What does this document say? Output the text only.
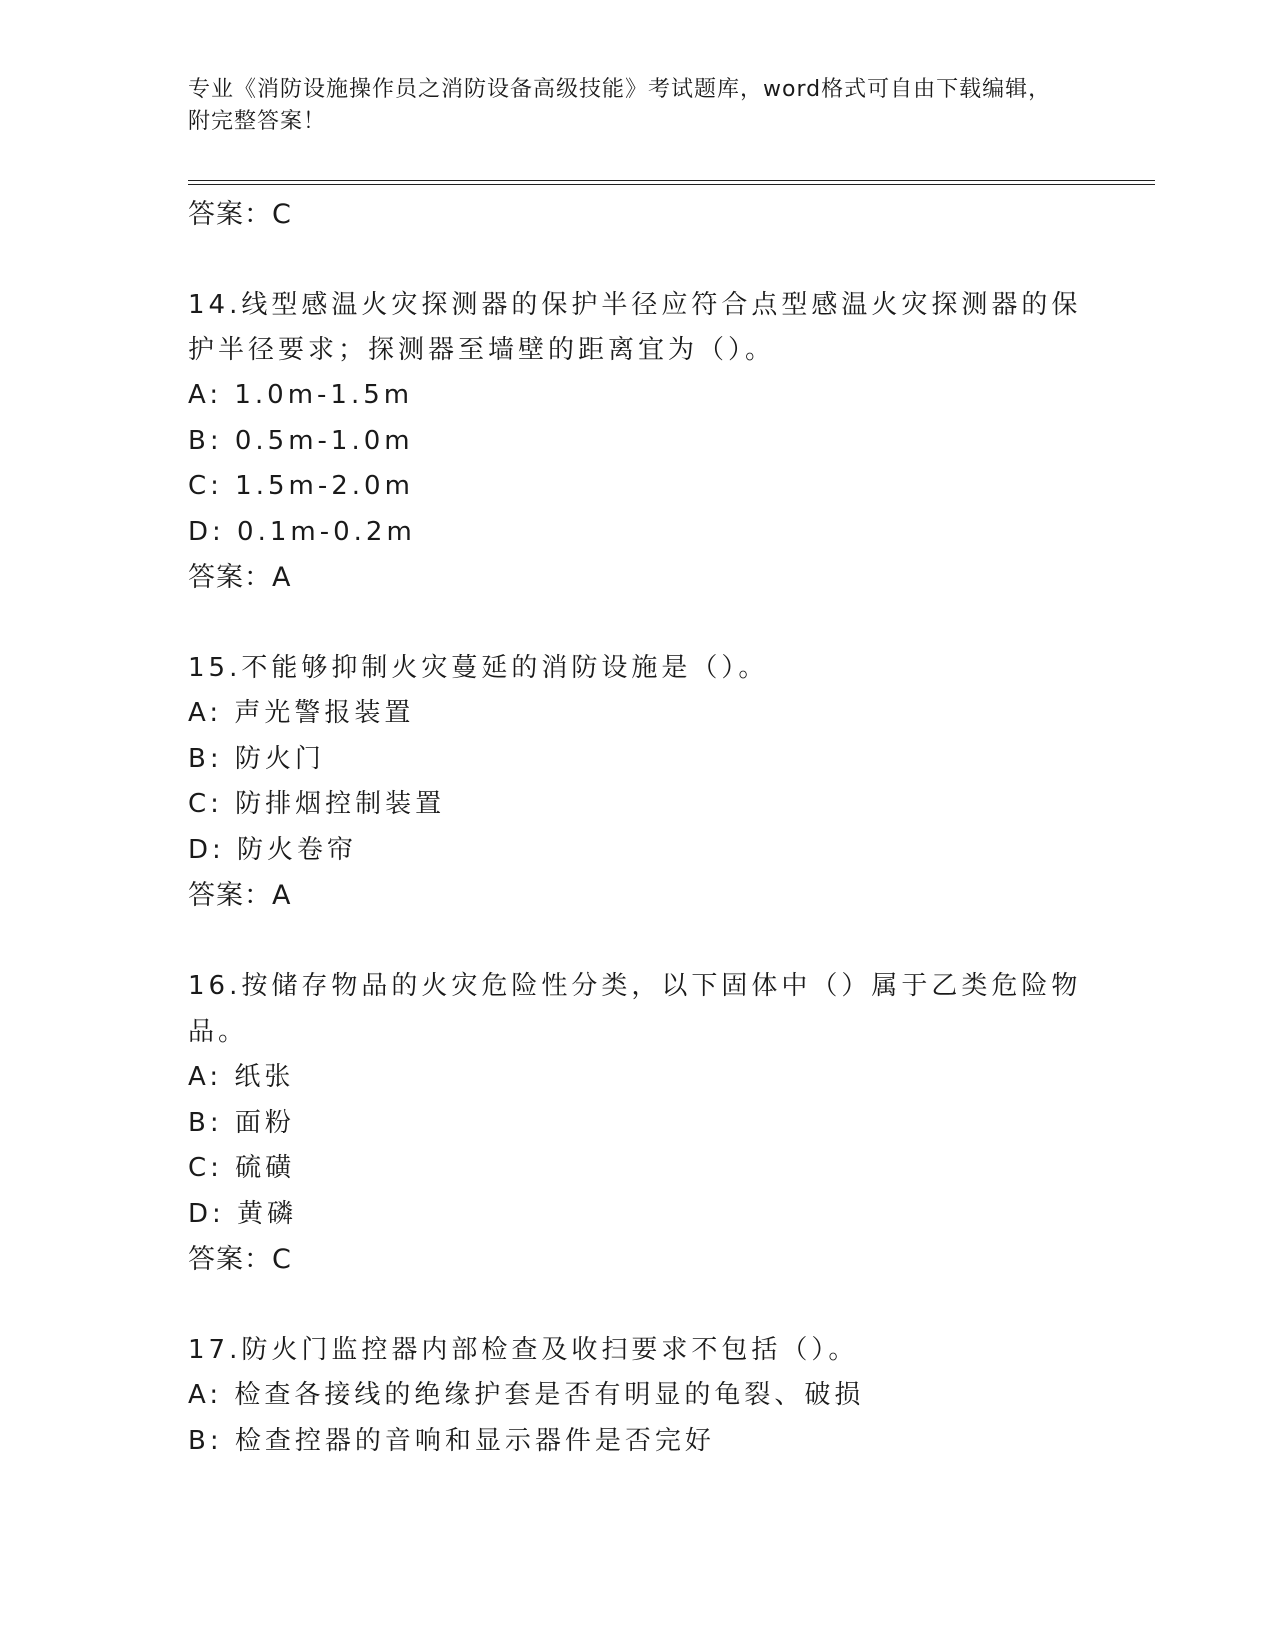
专业《消防设施操作员之消防设备高级技能》考试题库，word格式可自由下载编辑，附完整答案！

答案：C

14.线型感温火灾探测器的保护半径应符合点型感温火灾探测器的保护半径要求；探测器至墙壁的距离宜为（）。

A: 1.0m-1.5m

B: 0.5m-1.0m

C: 1.5m-2.0m

D: 0.1m-0.2m

答案：A

15.不能够抑制火灾蔓延的消防设施是（）。

A: 声光警报装置

B: 防火门

C: 防排烟控制装置

D: 防火卷帘

答案：A

16.按储存物品的火灾危险性分类，以下固体中（）属于乙类危险物品。

A: 纸张

B: 面粉

C: 硫磺

D: 黄磷

答案：C

17.防火门监控器内部检查及收扫要求不包括（）。

A: 检查各接线的绝缘护套是否有明显的龟裂、破损

B: 检查控器的音响和显示器件是否完好
